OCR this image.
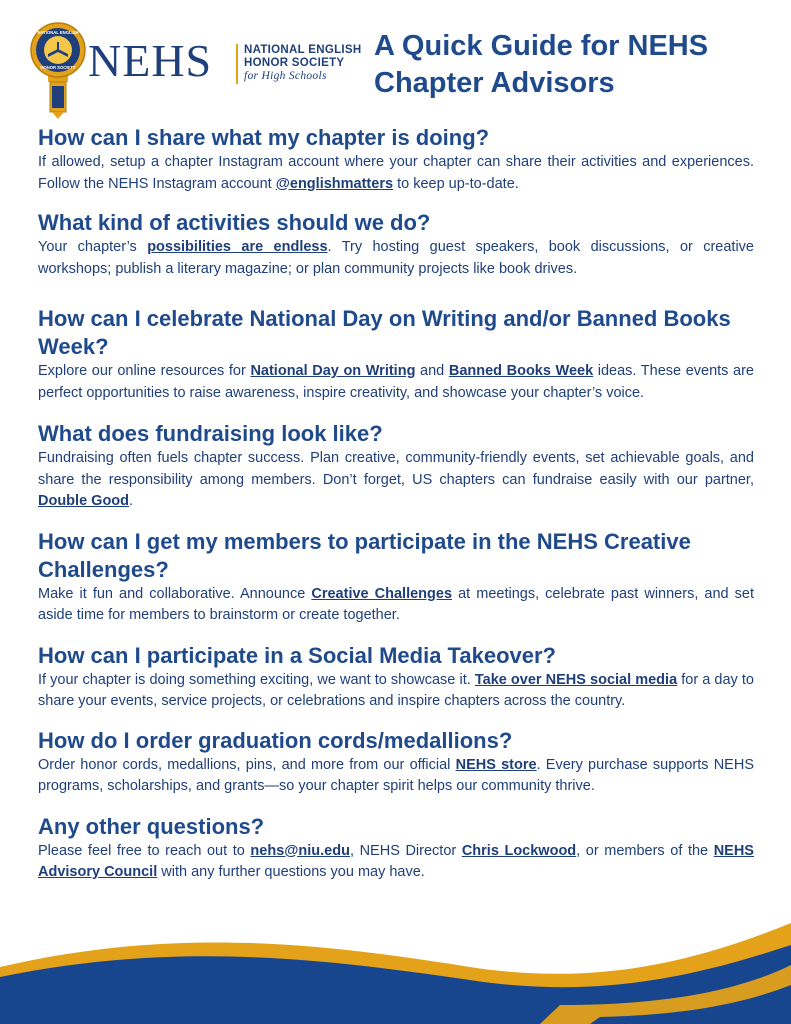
NATIONAL ENGLISH
HONOR SOCIETY NEHS	NATIONAL ENGLISH
HONOR SOCIETY
for High Schools
A Quick Guide for NEHS Chapter Advisors
How can I share what my chapter is doing?

If allowed, setup a chapter Instagram account where your chapter can share their activities and experiences. Follow the NEHS Instagram account @englishmatters to keep up-to-date.

What kind of activities should we do?

Your chapter’s possibilities are endless. Try hosting guest speakers, book discussions, or creative workshops; publish a literary magazine; or plan community projects like book drives.

How can I celebrate National Day on Writing and/or Banned Books Week?

Explore our online resources for National Day on Writing and Banned Books Week ideas. These events are perfect opportunities to raise awareness, inspire creativity, and showcase your chapter’s voice.

What does fundraising look like?

Fundraising often fuels chapter success. Plan creative, community-friendly events, set achievable goals, and share the responsibility among members. Don’t forget, US chapters can fundraise easily with our partner, Double Good.

How can I get my members to participate in the NEHS Creative Challenges?

Make it fun and collaborative. Announce Creative Challenges at meetings, celebrate past winners, and set aside time for members to brainstorm or create together.

How can I participate in a Social Media Takeover?

If your chapter is doing something exciting, we want to showcase it. Take over NEHS social media for a day to share your events, service projects, or celebrations and inspire chapters across the country.

How do I order graduation cords/medallions?

Order honor cords, medallions, pins, and more from our official NEHS store. Every purchase supports NEHS programs, scholarships, and grants—so your chapter spirit helps our community thrive.

Any other questions?

Please feel free to reach out to nehs@niu.edu, NEHS Director Chris Lockwood, or members of the NEHS Advisory Council with any further questions you may have.
